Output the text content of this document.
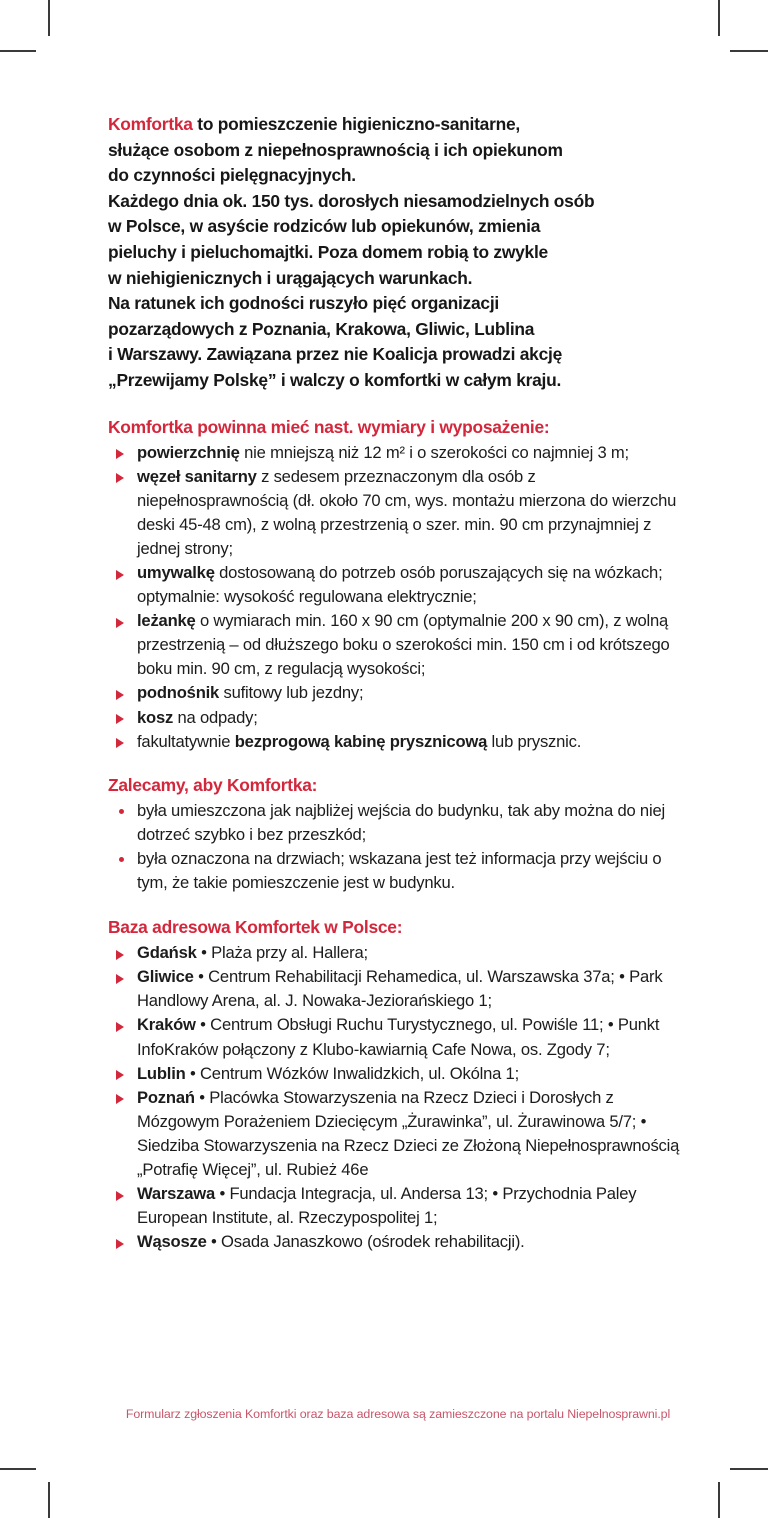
Komfortka to pomieszczenie higieniczno-sanitarne,
służące osobom z niepełnosprawnością i ich opiekunom
do czynności pielęgnacyjnych.
Każdego dnia ok. 150 tys. dorosłych niesamodzielnych osób
w Polsce, w asyście rodziców lub opiekunów, zmienia
pieluchy i pieluchomajtki. Poza domem robią to zwykle
w niehigienicznych i urągających warunkach.
Na ratunek ich godności ruszyło pięć organizacji
pozarządowych z Poznania, Krakowa, Gliwic, Lublina
i Warszawy. Zawiązana przez nie Koalicja prowadzi akcję
„Przewijamy Polskę” i walczy o komfortki w całym kraju.

Komfortka powinna mieć nast. wymiary i wyposażenie:
powierzchnię nie mniejszą niż 12 m² i o szerokości co najmniej 3 m;
węzeł sanitarny z sedesem przeznaczonym dla osób z niepełnosprawnością (dł. około 70 cm, wys. montażu mierzona do wierzchu deski 45-48 cm), z wolną przestrzenią o szer. min. 90 cm przynajmniej z jednej strony;
umywalkę dostosowaną do potrzeb osób poruszających się na wózkach; optymalnie: wysokość regulowana elektrycznie;
leżankę o wymiarach min. 160 x 90 cm (optymalnie 200 x 90 cm), z wolną przestrzenią – od dłuższego boku o szerokości min. 150 cm i od krótszego boku min. 90 cm, z regulacją wysokości;
podnośnik sufitowy lub jezdny;
kosz na odpady;
fakultatywnie bezprogową kabinę prysznicową lub prysznic.
Zalecamy, aby Komfortka:
była umieszczona jak najbliżej wejścia do budynku, tak aby można do niej dotrzeć szybko i bez przeszkód;
była oznaczona na drzwiach; wskazana jest też informacja przy wejściu o tym, że takie pomieszczenie jest w budynku.
Baza adresowa Komfortek w Polsce:
Gdańsk • Plaża przy al. Hallera;
Gliwice • Centrum Rehabilitacji Rehamedica, ul. Warszawska 37a; • Park Handlowy Arena, al. J. Nowaka-Jeziorańskiego 1;
Kraków • Centrum Obsługi Ruchu Turystycznego, ul. Powiśle 11; • Punkt InfoKraków połączony z Klubo-kawiarnią Cafe Nowa, os. Zgody 7;
Lublin • Centrum Wózków Inwalidzkich, ul. Okólna 1;
Poznań • Placówka Stowarzyszenia na Rzecz Dzieci i Dorosłych z Mózgowym Porażeniem Dziecięcym „Żurawinka”, ul. Żurawinowa 5/7; • Siedziba Stowarzyszenia na Rzecz Dzieci ze Złożoną Niepełnosprawnością „Potrafię Więcej”, ul. Rubież 46e
Warszawa • Fundacja Integracja, ul. Andersa 13; • Przychodnia Paley European Institute, al. Rzeczypospolitej 1;
Wąsosze • Osada Janaszkowo (ośrodek rehabilitacji).
Formularz zgłoszenia Komfortki oraz baza adresowa są zamieszczone na portalu Niepelnosprawni.pl
